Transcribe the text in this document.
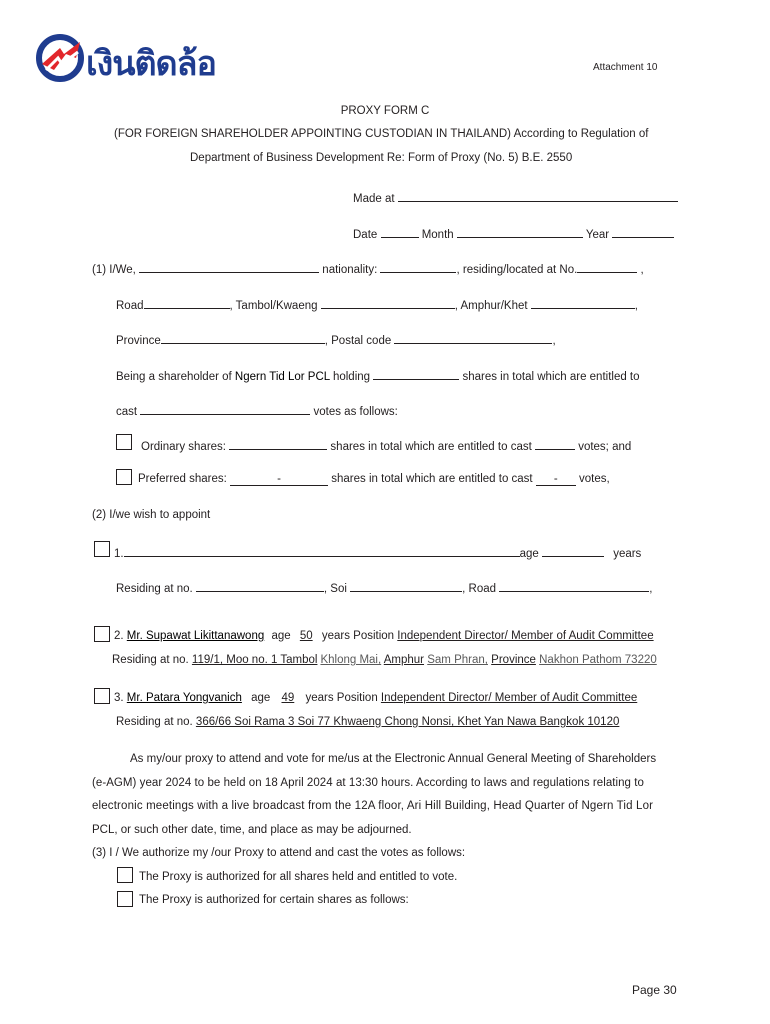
เงินติดล้อ	Attachment 10
PROXY FORM C
(FOR FOREIGN SHAREHOLDER APPOINTING CUSTODIAN IN THAILAND) According to Regulation of
Department of Business Development Re: Form of Proxy (No. 5) B.E. 2550
Made at
Date	Month	Year
(1) I/We,	nationality:	, residing/located at No.	,
Road	, Tambol/Kwaeng	, Amphur/Khet	,
Province	, Postal code	,
Being a shareholder of Ngern Tid Lor PCL holding	shares in total which are entitled to
cast	votes as follows:
Ordinary shares:	shares in total which are entitled to cast	votes; and
Preferred shares:	-	shares in total which are entitled to cast - votes,
(2) I/we wish to appoint
1.	age	years
Residing at no.	, Soi	, Road	,
2. Mr. Supawat Likittanawong age 50 years Position Independent Director/ Member of Audit Committee
Residing at no. 119/1, Moo no. 1 Tambol Khlong Mai, Amphur Sam Phran, Province Nakhon Pathom 73220
3. Mr. Patara Yongvanich age 49 years Position Independent Director/ Member of Audit Committee
Residing at no. 366/66 Soi Rama 3 Soi 77 Khwaeng Chong Nonsi, Khet Yan Nawa Bangkok 10120
As my/our proxy to attend and vote for me/us at the Electronic Annual General Meeting of Shareholders
(e-AGM) year 2024 to be held on 18 April 2024 at 13:30 hours. According to laws and regulations relating to
electronic meetings with a live broadcast from the 12A floor, Ari Hill Building, Head Quarter of Ngern Tid Lor
PCL, or such other date, time, and place as may be adjourned.
(3) I / We authorize my /our Proxy to attend and cast the votes as follows:
The Proxy is authorized for all shares held and entitled to vote.
The Proxy is authorized for certain shares as follows:
Page 30
